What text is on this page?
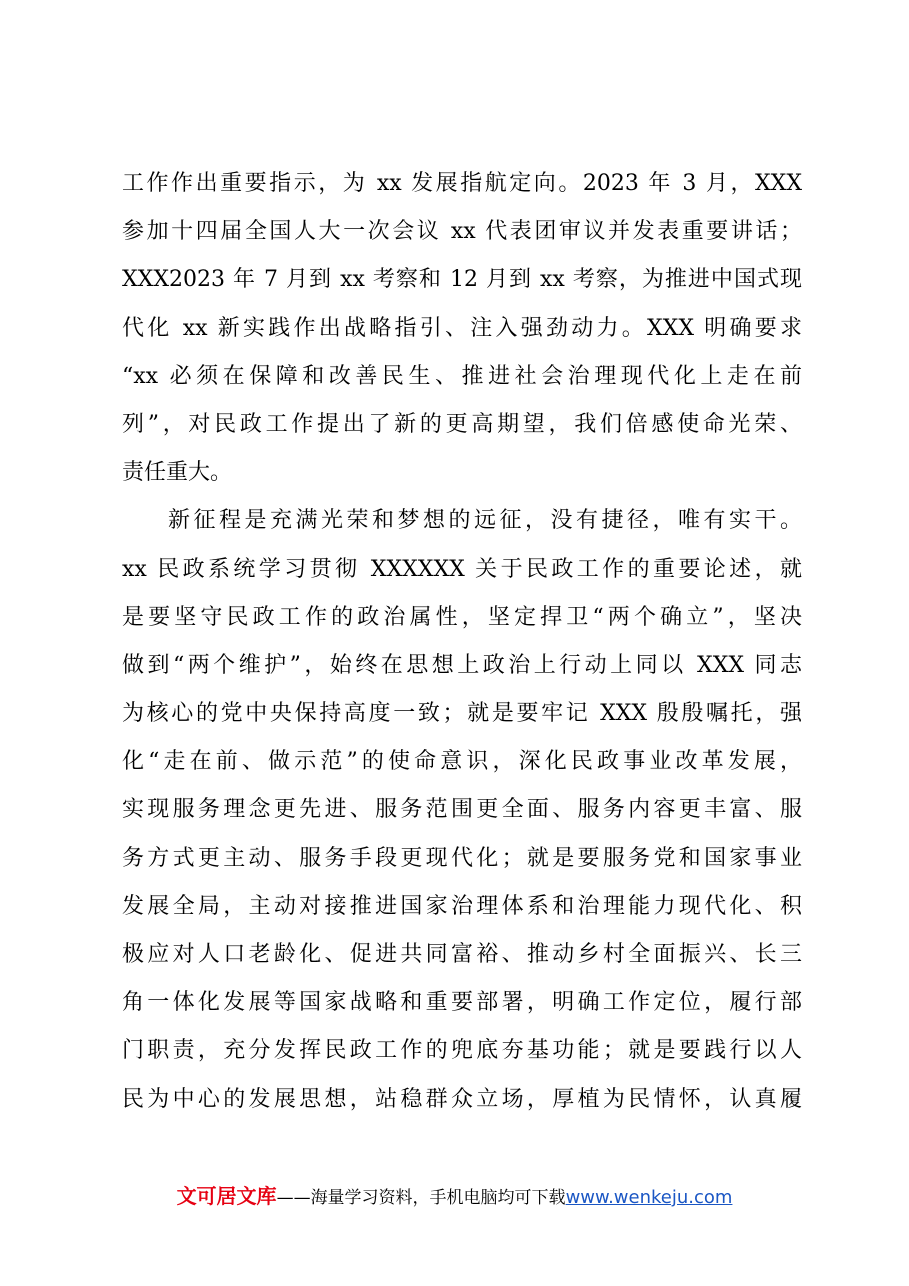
工作作出重要指示，为 xx 发展指航定向。2023 年 3 月，XXX
参加十四届全国人大一次会议 xx 代表团审议并发表重要讲话；
XXX2023 年 7 月到 xx 考察和 12 月到 xx 考察，为推进中国式现
代化 xx 新实践作出战略指引、注入强劲动力。XXX 明确要求
“xx 必须在保障和改善民生、推进社会治理现代化上走在前
列”，对民政工作提出了新的更高期望，我们倍感使命光荣、
责任重大。
新征程是充满光荣和梦想的远征，没有捷径，唯有实干。
xx 民政系统学习贯彻 XXXXXX 关于民政工作的重要论述，就
是要坚守民政工作的政治属性，坚定捍卫“两个确立”，坚决
做到“两个维护”，始终在思想上政治上行动上同以 XXX 同志
为核心的党中央保持高度一致；就是要牢记 XXX 殷殷嘱托，强
化“走在前、做示范”的使命意识，深化民政事业改革发展，
实现服务理念更先进、服务范围更全面、服务内容更丰富、服
务方式更主动、服务手段更现代化；就是要服务党和国家事业
发展全局，主动对接推进国家治理体系和治理能力现代化、积
极应对人口老龄化、促进共同富裕、推动乡村全面振兴、长三
角一体化发展等国家战略和重要部署，明确工作定位，履行部
门职责，充分发挥民政工作的兜底夯基功能；就是要践行以人
民为中心的发展思想，站稳群众立场，厚植为民情怀，认真履
文可居文库——海量学习资料，手机电脑均可下载www.wenkeju.com
